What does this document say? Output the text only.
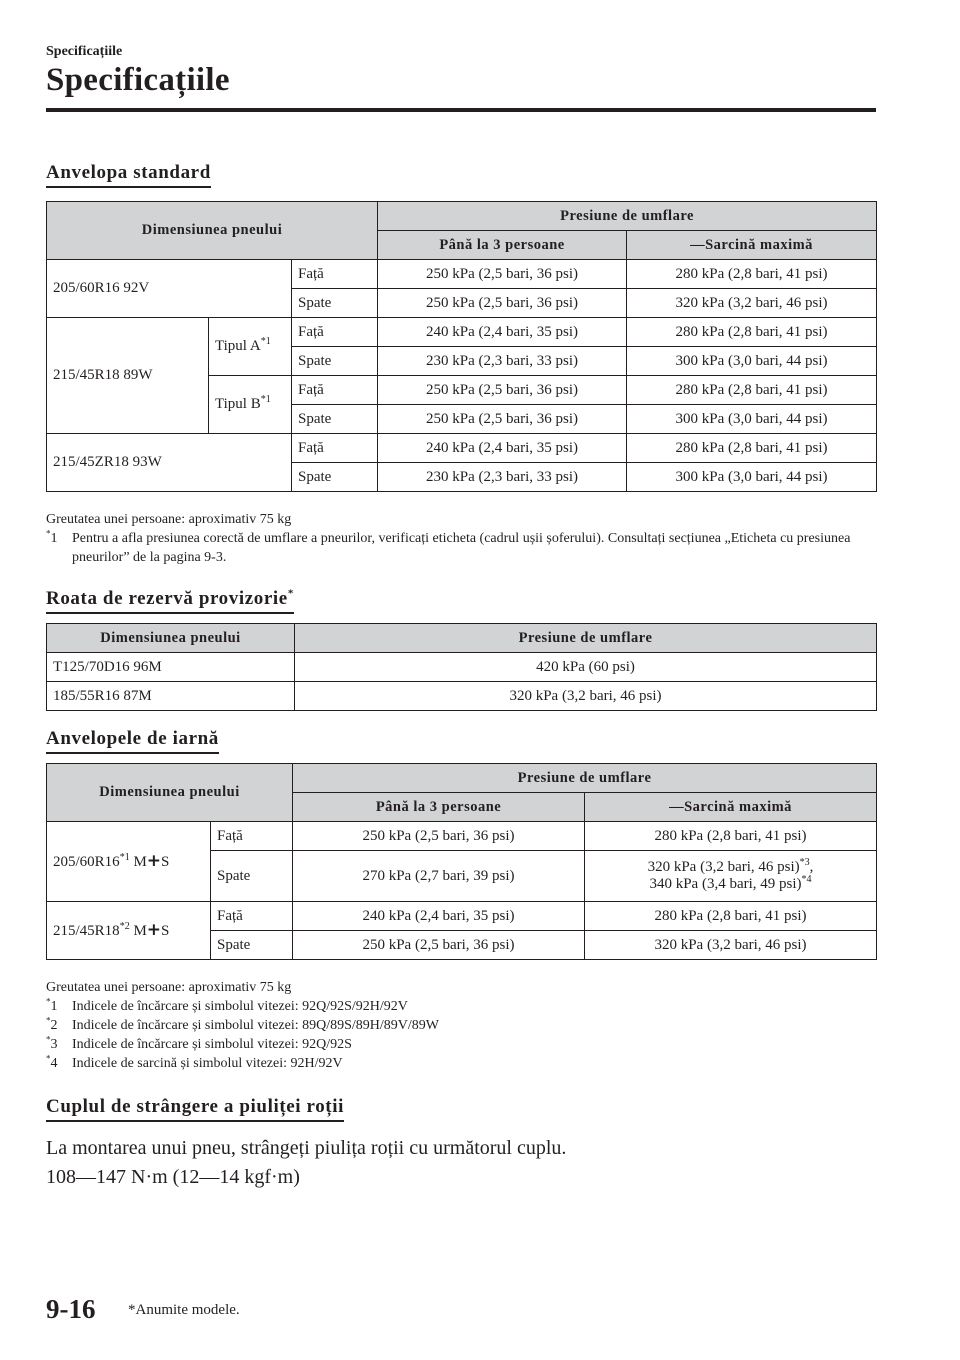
Specificațiile
Specificațiile
Anvelopa standard
Dimensiunea pneului			Presiune de umflare	
			Până la 3 persoane	—Sarcină maximă
205/60R16 92V		Față	250 kPa (2,5 bari, 36 psi)	280 kPa (2,8 bari, 41 psi)
		Spate	250 kPa (2,5 bari, 36 psi)	320 kPa (3,2 bari, 46 psi)
215/45R18 89W	Tipul $A^{*1}$	Față	240 kPa (2,4 bari, 35 psi)	280 kPa (2,8 bari, 41 psi)
		Spate	230 kPa (2,3 bari, 33 psi)	300 kPa (3,0 bari, 44 psi)
	Tipul $B^{*1}$	Față	250 kPa (2,5 bari, 36 psi)	280 kPa (2,8 bari, 41 psi)
		Spate	250 kPa (2,5 bari, 36 psi)	300 kPa (3,0 bari, 44 psi)
215/45ZR18 93W		Față	240 kPa (2,4 bari, 35 psi)	280 kPa (2,8 bari, 41 psi)
		Spate	230 kPa (2,3 bari, 33 psi)	300 kPa (3,0 bari, 44 psi)
Greutatea unei persoane: aproximativ 75 kg
*1 Pentru a afla presiunea corectă de umflare a pneurilor, verificați eticheta (cadrul ușii șoferului). Consultați secțiunea „Eticheta cu presiunea pneurilor” de la pagina 9-3.
Roata de rezervă provizorie*
Dimensiunea pneului	Presiune de umflare
T125/70D16 96M	420 kPa (60 psi)
185/55R16 87M	320 kPa (3,2 bari, 46 psi)
Anvelopele de iarnă
Dimensiunea pneului		Presiune de umflare	
		Până la 3 persoane	—Sarcină maximă
205/60R16$^{*1}$ M+S	Față	250 kPa (2,5 bari, 36 psi)	280 kPa (2,8 bari, 41 psi)
	Spate	270 kPa (2,7 bari, 39 psi)	320 kPa (3,2 bari, 46 psi)$^{*3}$,
340 kPa (3,4 bari, 49 psi)$^{*4}$
215/45R18$^{*2}$ M+S	Față	240 kPa (2,4 bari, 35 psi)	280 kPa (2,8 bari, 41 psi)
	Spate	250 kPa (2,5 bari, 36 psi)	320 kPa (3,2 bari, 46 psi)
Greutatea unei persoane: aproximativ 75 kg
*1 Indicele de încărcare și simbolul vitezei: 92Q/92S/92H/92V
*2 Indicele de încărcare și simbolul vitezei: 89Q/89S/89H/89V/89W
*3 Indicele de încărcare și simbolul vitezei: 92Q/92S
*4 Indicele de sarcină și simbolul vitezei: 92H/92V
Cuplul de strângere a piuliței roții
La montarea unui pneu, strângeți piulița roții cu următorul cuplu.
108—147 N·m (12—14 kgf·m)
9-16 *Anumite modele.
